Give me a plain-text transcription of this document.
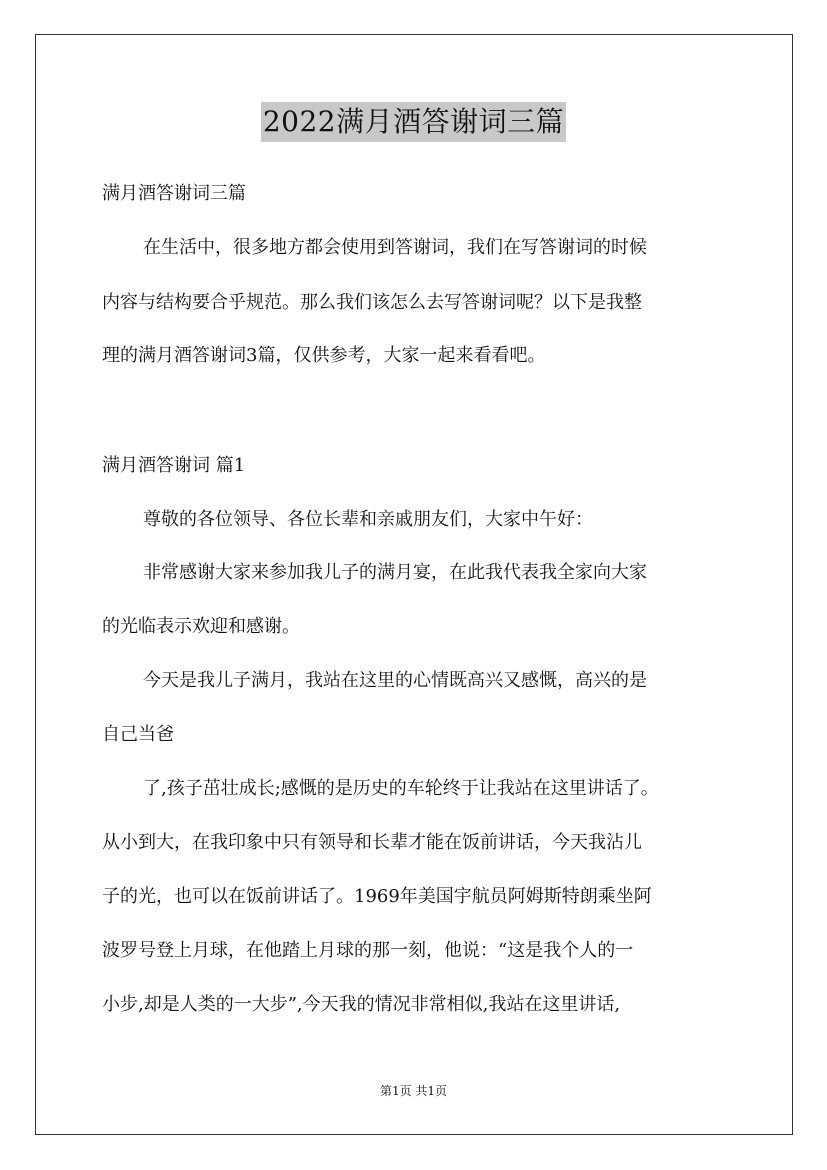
2022满月酒答谢词三篇
满月酒答谢词三篇
在生活中，很多地方都会使用到答谢词，我们在写答谢词的时候
内容与结构要合乎规范。那么我们该怎么去写答谢词呢？以下是我整
理的满月酒答谢词3篇，仅供参考，大家一起来看看吧。
满月酒答谢词 篇1
尊敬的各位领导、各位长辈和亲戚朋友们，大家中午好：
非常感谢大家来参加我儿子的满月宴，在此我代表我全家向大家
的光临表示欢迎和感谢。
今天是我儿子满月，我站在这里的心情既高兴又感慨，高兴的是
自己当爸
了,孩子茁壮成长;感慨的是历史的车轮终于让我站在这里讲话了。
从小到大，在我印象中只有领导和长辈才能在饭前讲话，今天我沾儿
子的光，也可以在饭前讲话了。1969年美国宇航员阿姆斯特朗乘坐阿
波罗号登上月球，在他踏上月球的那一刻，他说：“这是我个人的一
小步,却是人类的一大步”,今天我的情况非常相似,我站在这里讲话,
第1页 共1页
